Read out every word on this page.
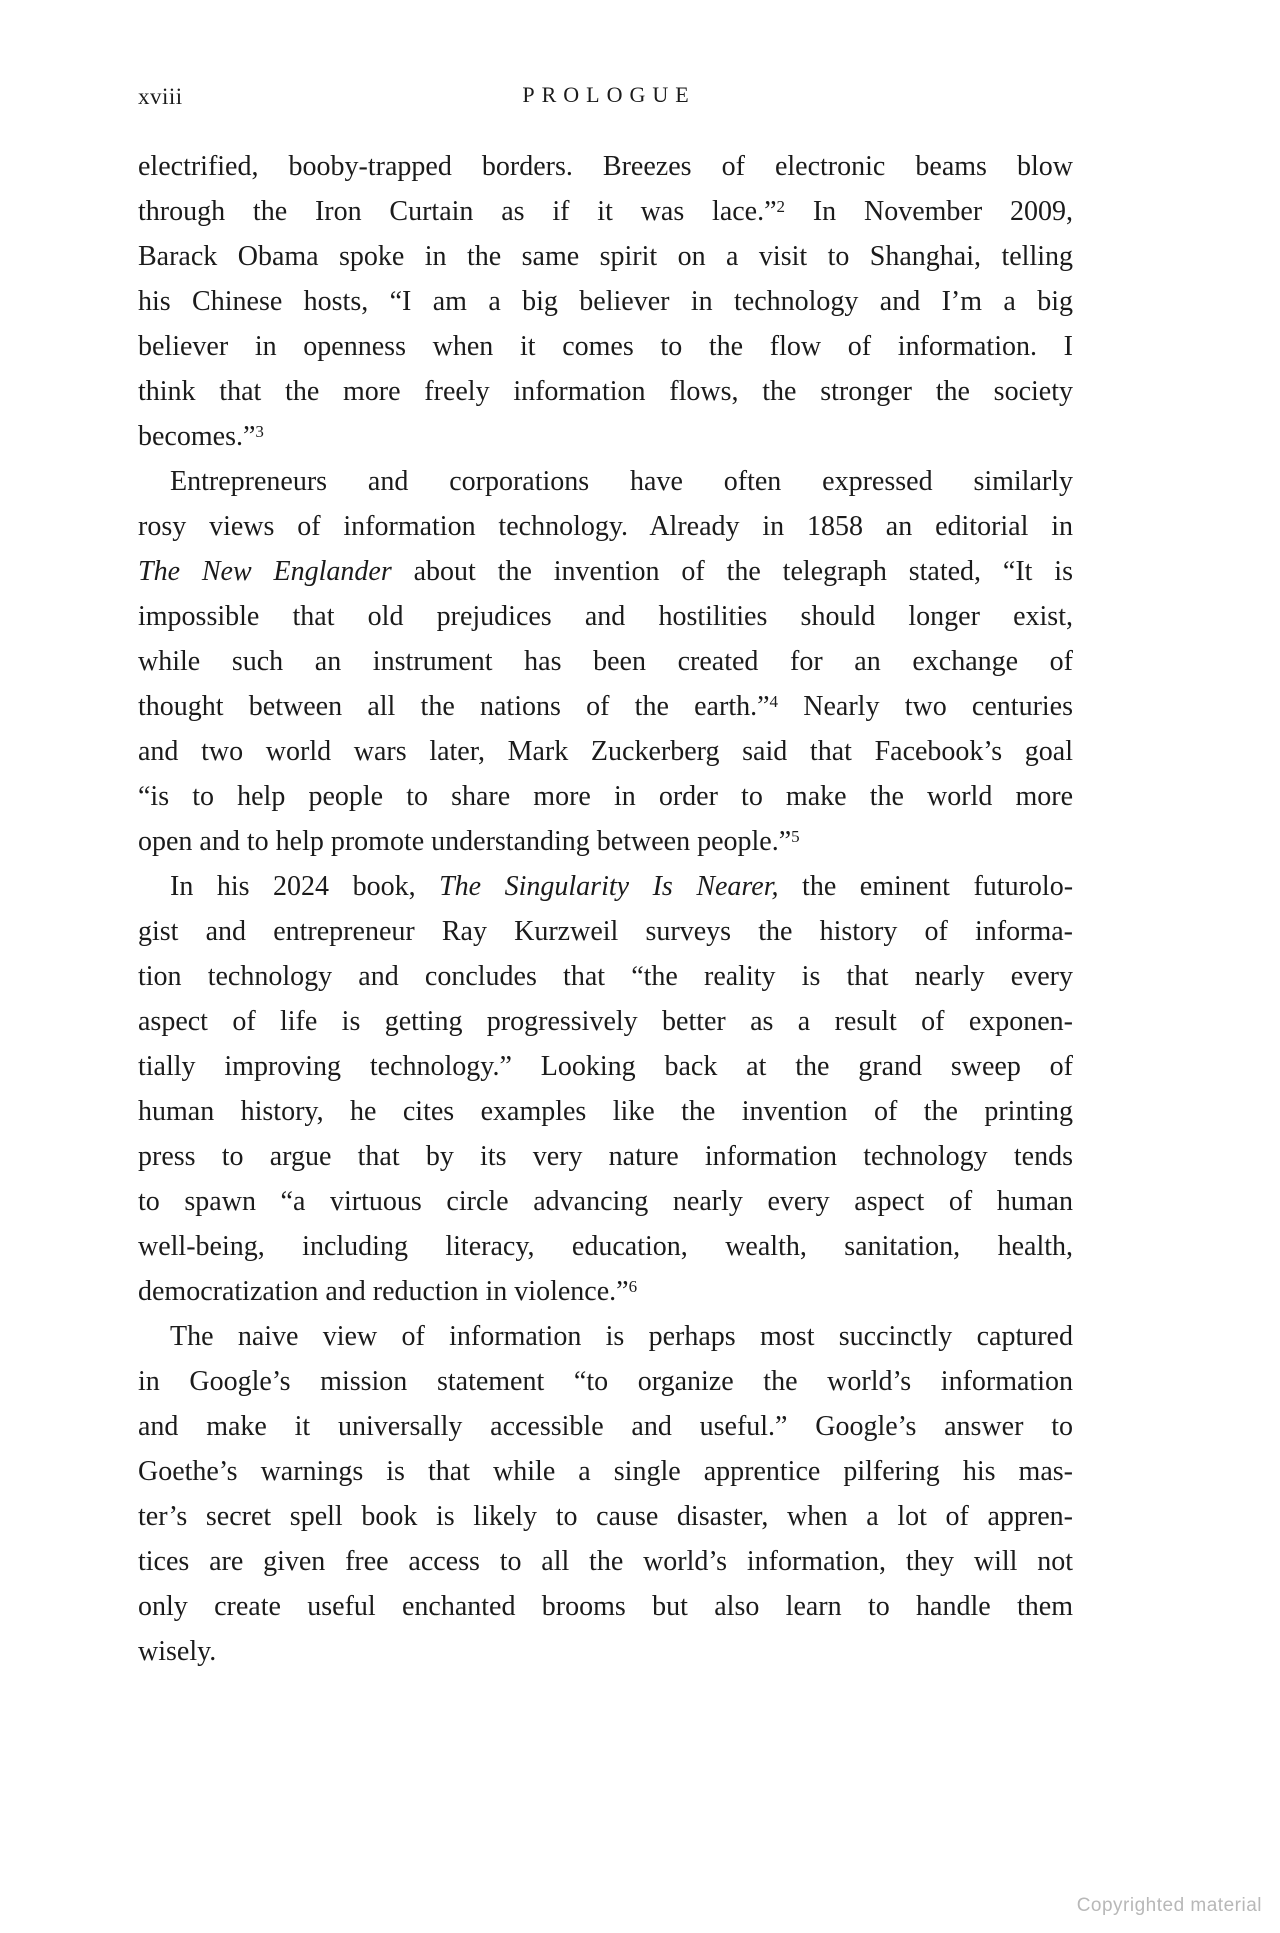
xviii	PROLOGUE
electrified, booby-trapped borders. Breezes of electronic beams blow
through the Iron Curtain as if it was lace.”$^2$ In November 2009,
Barack Obama spoke in the same spirit on a visit to Shanghai, telling
his Chinese hosts, “I am a big believer in technology and I’m a big
believer in openness when it comes to the flow of information. I
think that the more freely information flows, the stronger the society
becomes.”$^3$
Entrepreneurs and corporations have often expressed similarly
rosy views of information technology. Already in 1858 an editorial in
The New Englander about the invention of the telegraph stated, “It is
impossible that old prejudices and hostilities should longer exist,
while such an instrument has been created for an exchange of
thought between all the nations of the earth.”$^4$ Nearly two centuries
and two world wars later, Mark Zuckerberg said that Facebook’s goal
“is to help people to share more in order to make the world more
open and to help promote understanding between people.”$^5$
In his 2024 book, The Singularity Is Nearer, the eminent futurolo-
gist and entrepreneur Ray Kurzweil surveys the history of informa-
tion technology and concludes that “the reality is that nearly every
aspect of life is getting progressively better as a result of exponen-
tially improving technology.” Looking back at the grand sweep of
human history, he cites examples like the invention of the printing
press to argue that by its very nature information technology tends
to spawn “a virtuous circle advancing nearly every aspect of human
well-being, including literacy, education, wealth, sanitation, health,
democratization and reduction in violence.”$^6$
The naive view of information is perhaps most succinctly captured
in Google’s mission statement “to organize the world’s information
and make it universally accessible and useful.” Google’s answer to
Goethe’s warnings is that while a single apprentice pilfering his mas-
ter’s secret spell book is likely to cause disaster, when a lot of appren-
tices are given free access to all the world’s information, they will not
only create useful enchanted brooms but also learn to handle them
wisely.
Copyrighted material
